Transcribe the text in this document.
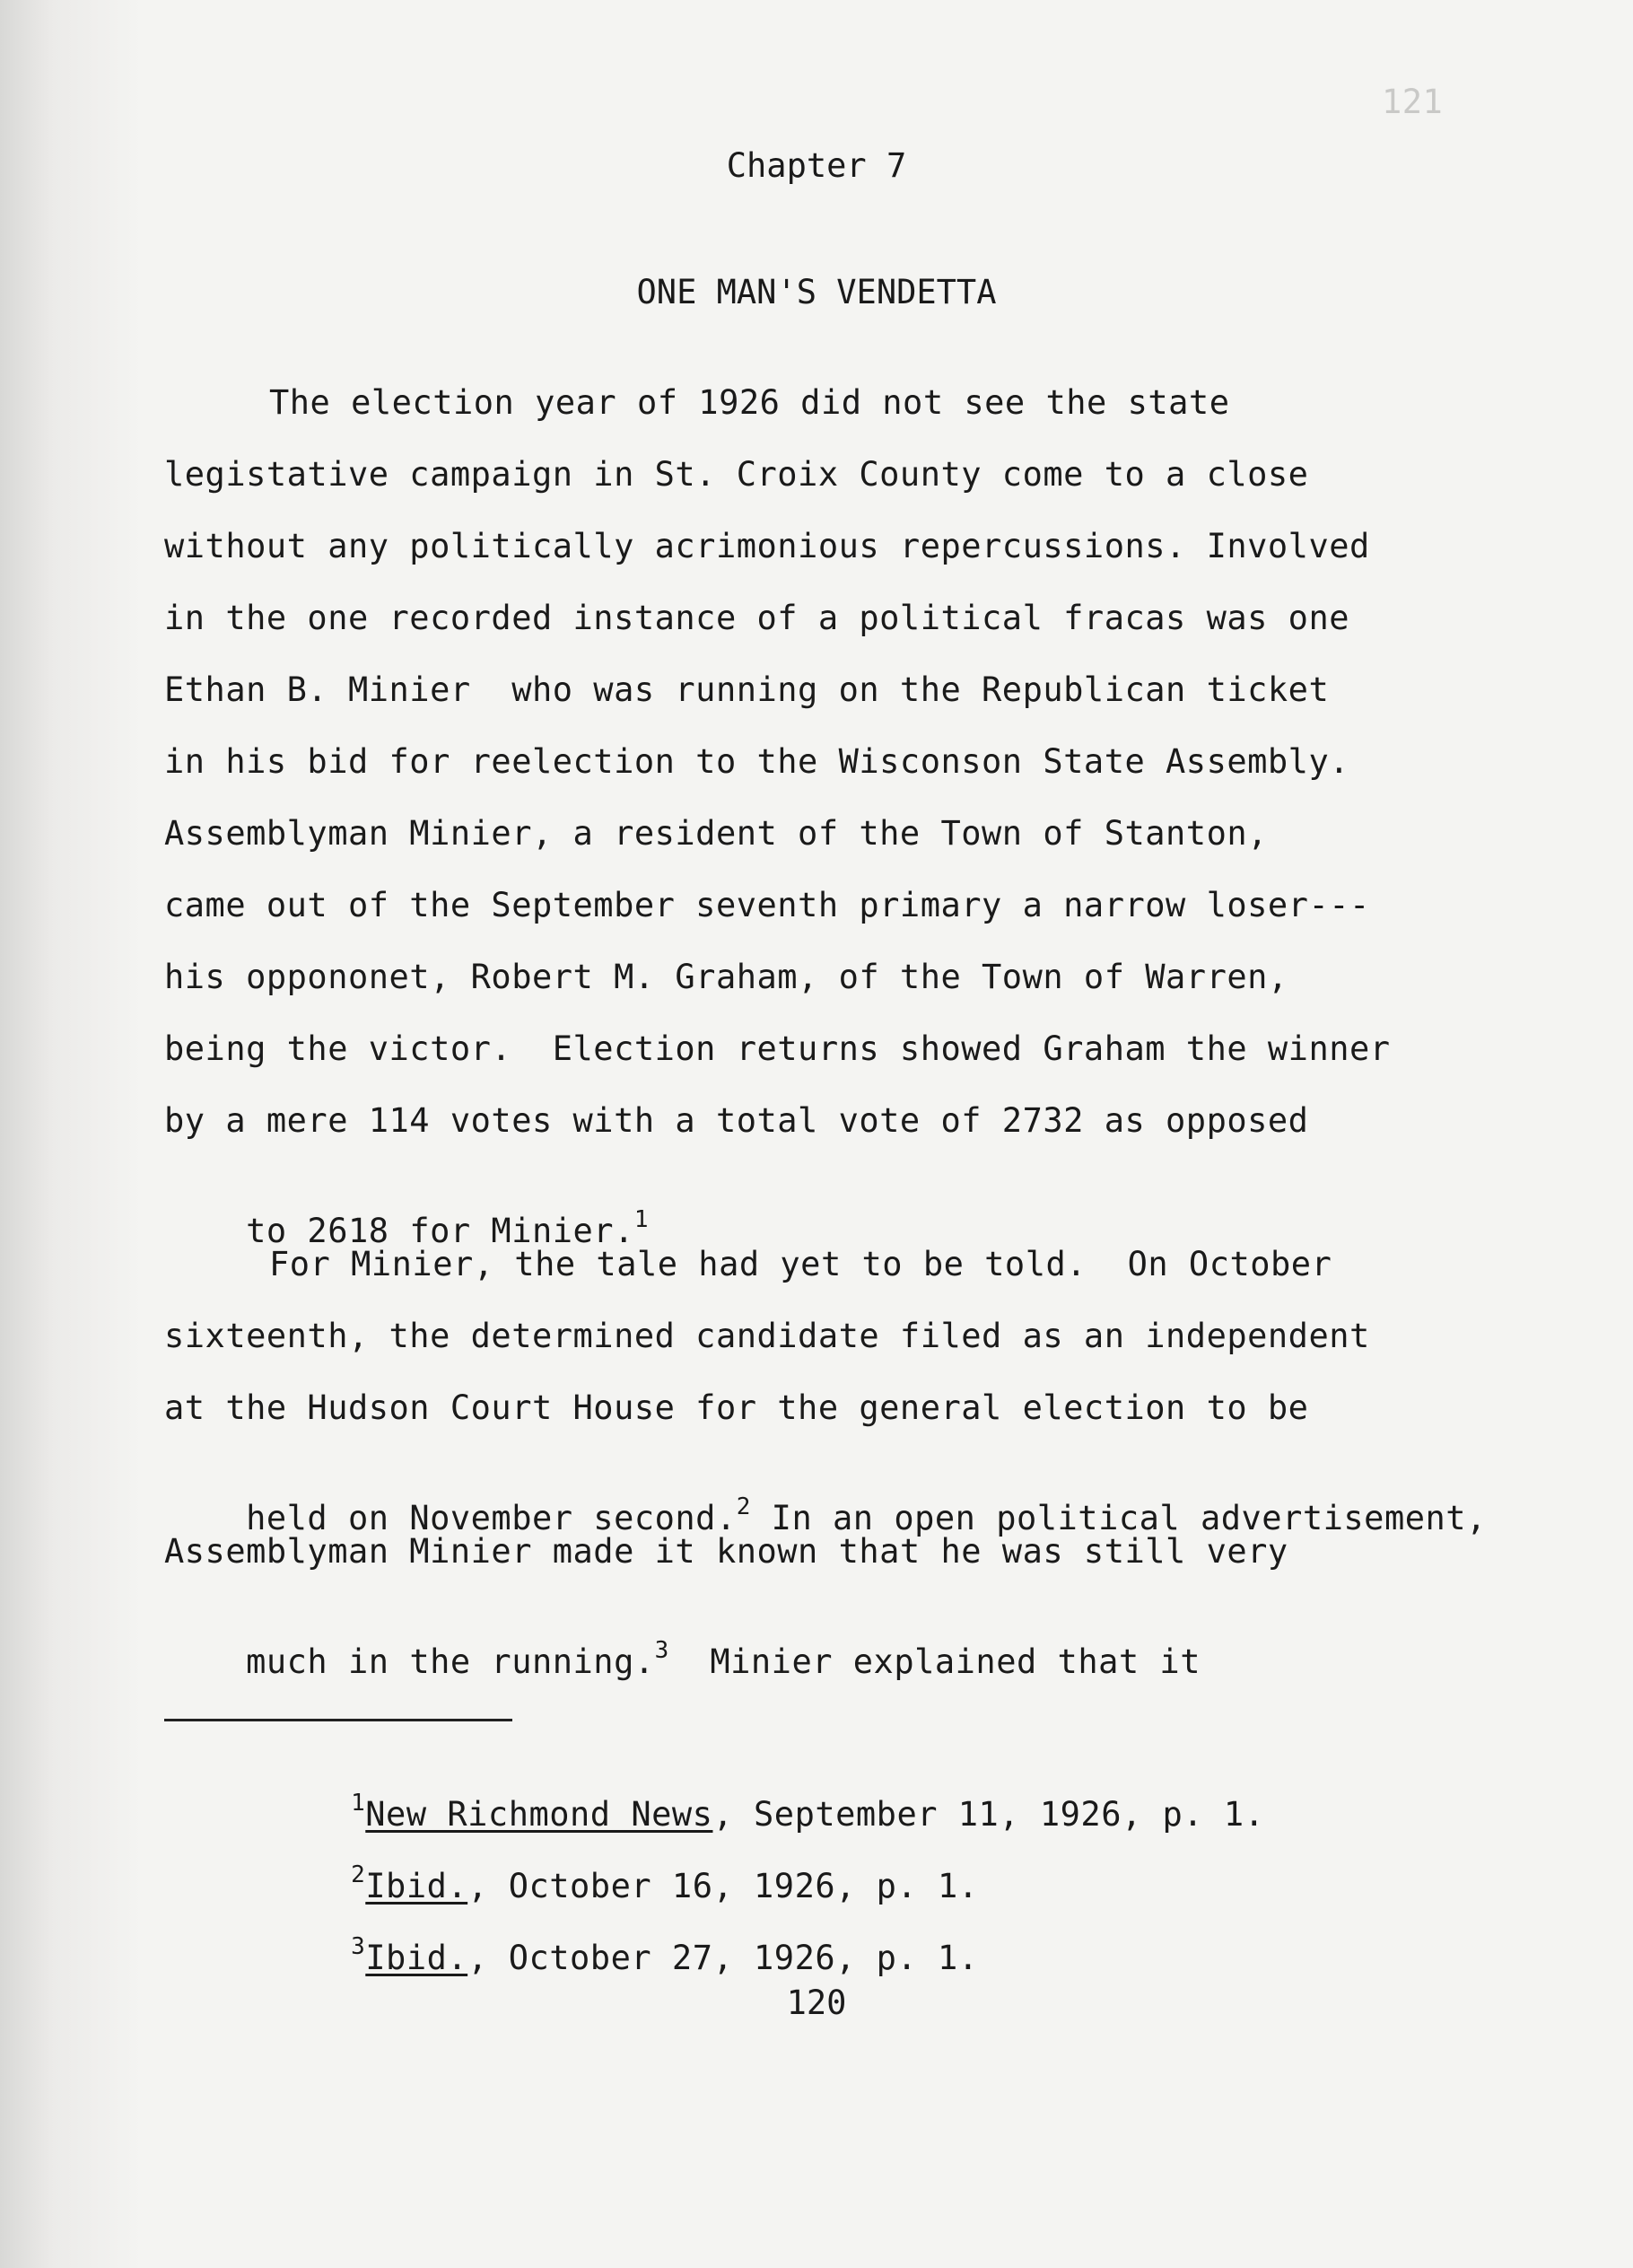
121
Chapter 7
ONE MAN'S VENDETTA
The election year of 1926 did not see the state
legistative campaign in St. Croix County come to a close
without any politically acrimonious repercussions. Involved
in the one recorded instance of a political fracas was one
Ethan B. Minier  who was running on the Republican ticket
in his bid for reelection to the Wisconson State Assembly.
Assemblyman Minier, a resident of the Town of Stanton,
came out of the September seventh primary a narrow loser---
his oppononet, Robert M. Graham, of the Town of Warren,
being the victor.  Election returns showed Graham the winner
by a mere 114 votes with a total vote of 2732 as opposed

to 2618 for Minier.$^1$

For Minier, the tale had yet to be told.  On October
sixteenth, the determined candidate filed as an independent
at the Hudson Court House for the general election to be

held on November second.$^2$ In an open political advertisement,

Assemblyman Minier made it known that he was still very

much in the running.$^3$  Minier explained that it

$^1$New Richmond News, September 11, 1926, p. 1.

$^2$Ibid., October 16, 1926, p. 1.

$^3$Ibid., October 27, 1926, p. 1.

120
